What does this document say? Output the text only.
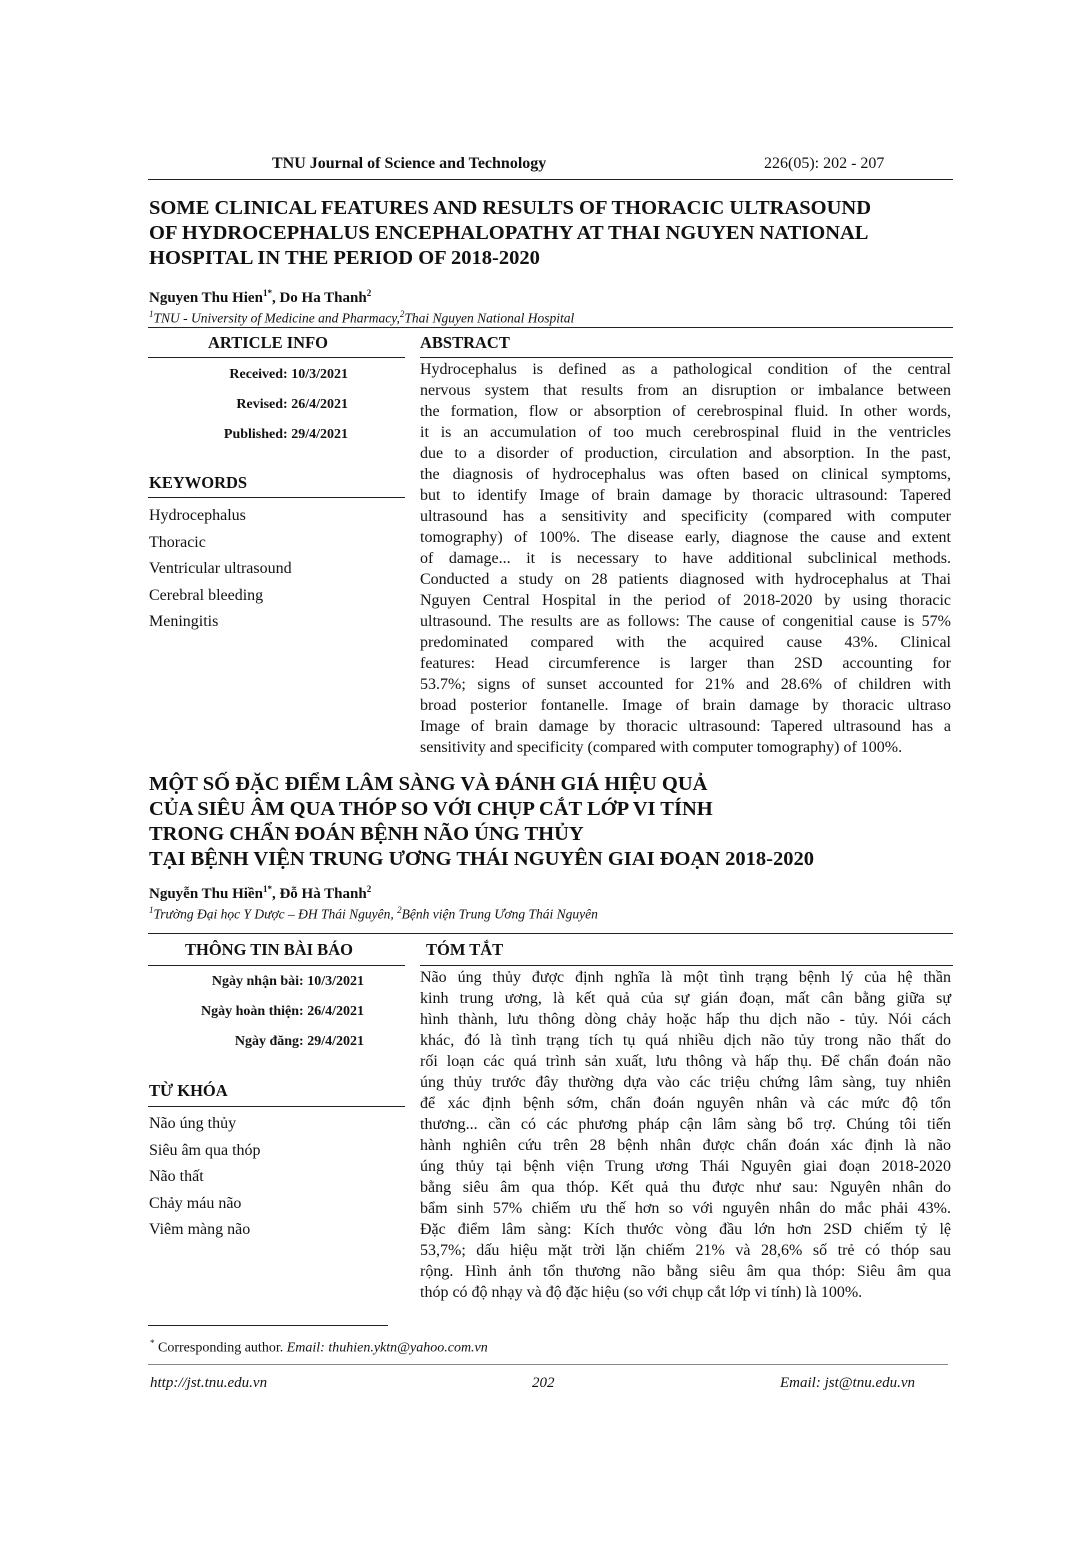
TNU Journal of Science and Technology	226(05): 202 - 207
SOME CLINICAL FEATURES AND RESULTS OF THORACIC ULTRASOUND
OF HYDROCEPHALUS ENCEPHALOPATHY AT THAI NGUYEN NATIONAL
HOSPITAL IN THE PERIOD OF 2018-2020
Nguyen Thu Hien$^{1*}$, Do Ha Thanh$^2$
$^1$TNU - University of Medicine and Pharmacy,$^2$Thai Nguyen National Hospital
ARTICLE INFO	ABSTRACT
Received: 10/3/2021
Revised: 26/4/2021
Published: 29/4/2021
KEYWORDS
Hydrocephalus
Thoracic
Ventricular ultrasound
Cerebral bleeding
Meningitis
Hydrocephalus is defined as a pathological condition of the central
nervous system that results from an disruption or imbalance between
the formation, flow or absorption of cerebrospinal fluid. In other words,
it is an accumulation of too much cerebrospinal fluid in the ventricles
due to a disorder of production, circulation and absorption. In the past,
the diagnosis of hydrocephalus was often based on clinical symptoms,
but to identify Image of brain damage by thoracic ultrasound: Tapered
ultrasound has a sensitivity and specificity (compared with computer
tomography) of 100%. The disease early, diagnose the cause and extent
of damage... it is necessary to have additional subclinical methods.
Conducted a study on 28 patients diagnosed with hydrocephalus at Thai
Nguyen Central Hospital in the period of 2018-2020 by using thoracic
ultrasound. The results are as follows: The cause of congenitial cause is 57%
predominated compared with the acquired cause 43%. Clinical
features: Head circumference is larger than 2SD accounting for
53.7%; signs of sunset accounted for 21% and 28.6% of children with
broad posterior fontanelle. Image of brain damage by thoracic ultraso
Image of brain damage by thoracic ultrasound: Tapered ultrasound has a
sensitivity and specificity (compared with computer tomography) of 100%.
MỘT SỐ ĐẶC ĐIỂM LÂM SÀNG VÀ ĐÁNH GIÁ HIỆU QUẢ
CỦA SIÊU ÂM QUA THÓP SO VỚI CHỤP CẮT LỚP VI TÍNH
TRONG CHẨN ĐOÁN BỆNH NÃO ÚNG THỦY
TẠI BỆNH VIỆN TRUNG ƯƠNG THÁI NGUYÊN GIAI ĐOẠN 2018-2020
Nguyễn Thu Hiền$^{1*}$, Đỗ Hà Thanh$^2$
$^1$Trường Đại học Y Dược – ĐH Thái Nguyên, $^2$Bệnh viện Trung Ương Thái Nguyên
THÔNG TIN BÀI BÁO	TÓM TẮT
Ngày nhận bài: 10/3/2021
Ngày hoàn thiện: 26/4/2021
Ngày đăng: 29/4/2021
TỪ KHÓA
Não úng thủy
Siêu âm qua thóp
Não thất
Chảy máu não
Viêm màng não
Não úng thủy được định nghĩa là một tình trạng bệnh lý của hệ thần
kinh trung ương, là kết quả của sự gián đoạn, mất cân bằng giữa sự
hình thành, lưu thông dòng chảy hoặc hấp thu dịch não - tủy. Nói cách
khác, đó là tình trạng tích tụ quá nhiều dịch não tủy trong não thất do
rối loạn các quá trình sản xuất, lưu thông và hấp thụ. Để chẩn đoán não
úng thủy trước đây thường dựa vào các triệu chứng lâm sàng, tuy nhiên
để xác định bệnh sớm, chẩn đoán nguyên nhân và các mức độ tổn
thương... cần có các phương pháp cận lâm sàng bổ trợ. Chúng tôi tiến
hành nghiên cứu trên 28 bệnh nhân được chẩn đoán xác định là não
úng thủy tại bệnh viện Trung ương Thái Nguyên giai đoạn 2018-2020
bằng siêu âm qua thóp. Kết quả thu được như sau: Nguyên nhân do
bẩm sinh 57% chiếm ưu thế hơn so với nguyên nhân do mắc phải 43%.
Đặc điểm lâm sàng: Kích thước vòng đầu lớn hơn 2SD chiếm tỷ lệ
53,7%; dấu hiệu mặt trời lặn chiếm 21% và 28,6% số trẻ có thóp sau
rộng. Hình ảnh tổn thương não bằng siêu âm qua thóp: Siêu âm qua
thóp có độ nhạy và độ đặc hiệu (so với chụp cắt lớp vi tính) là 100%.
* Corresponding author. Email: thuhien.yktn@yahoo.com.vn
http://jst.tnu.edu.vn	202	Email: jst@tnu.edu.vn
